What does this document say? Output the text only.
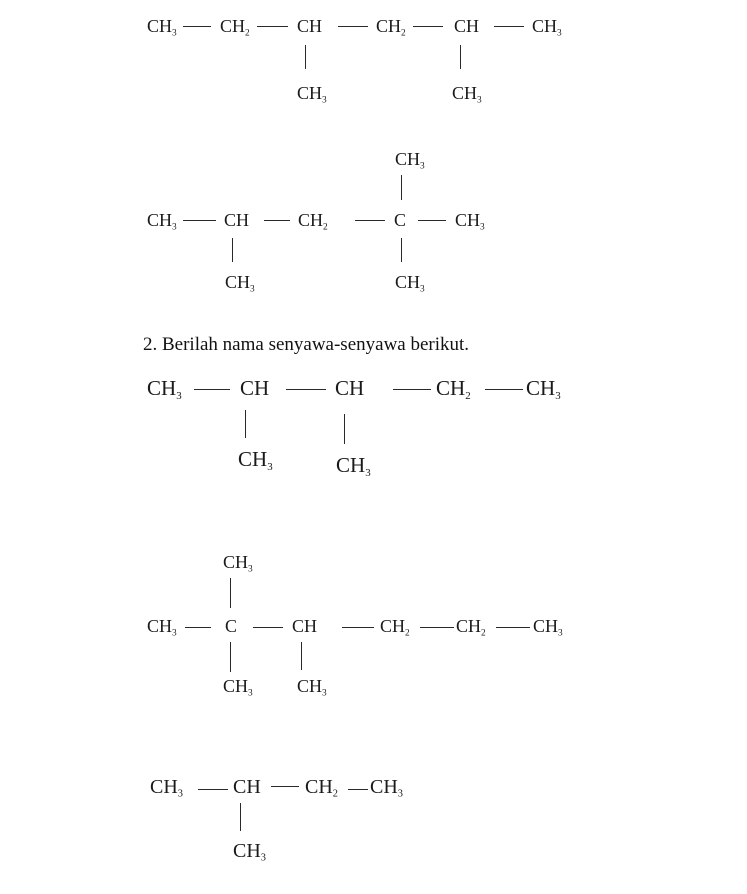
$CH_3$ $CH_2$	CH	$CH_2$	CH	$CH_3$
$CH_3$	$CH_3$
$CH_3$
$CH_3$	CH	$CH_2$	C	$CH_3$
$CH_3$	$CH_3$
2. Berilah nama senyawa-senyawa berikut.
$CH_3$	CH	CH	$CH_2$	$CH_3$
$CH_3$	$CH_3$
$CH_3$
$CH_3$	C	CH	$CH_2$	$CH_2$	$CH_3$
$CH_3$ $CH_3$
$CH_3$	CH $CH_2$ $CH_3$
$CH_3$
